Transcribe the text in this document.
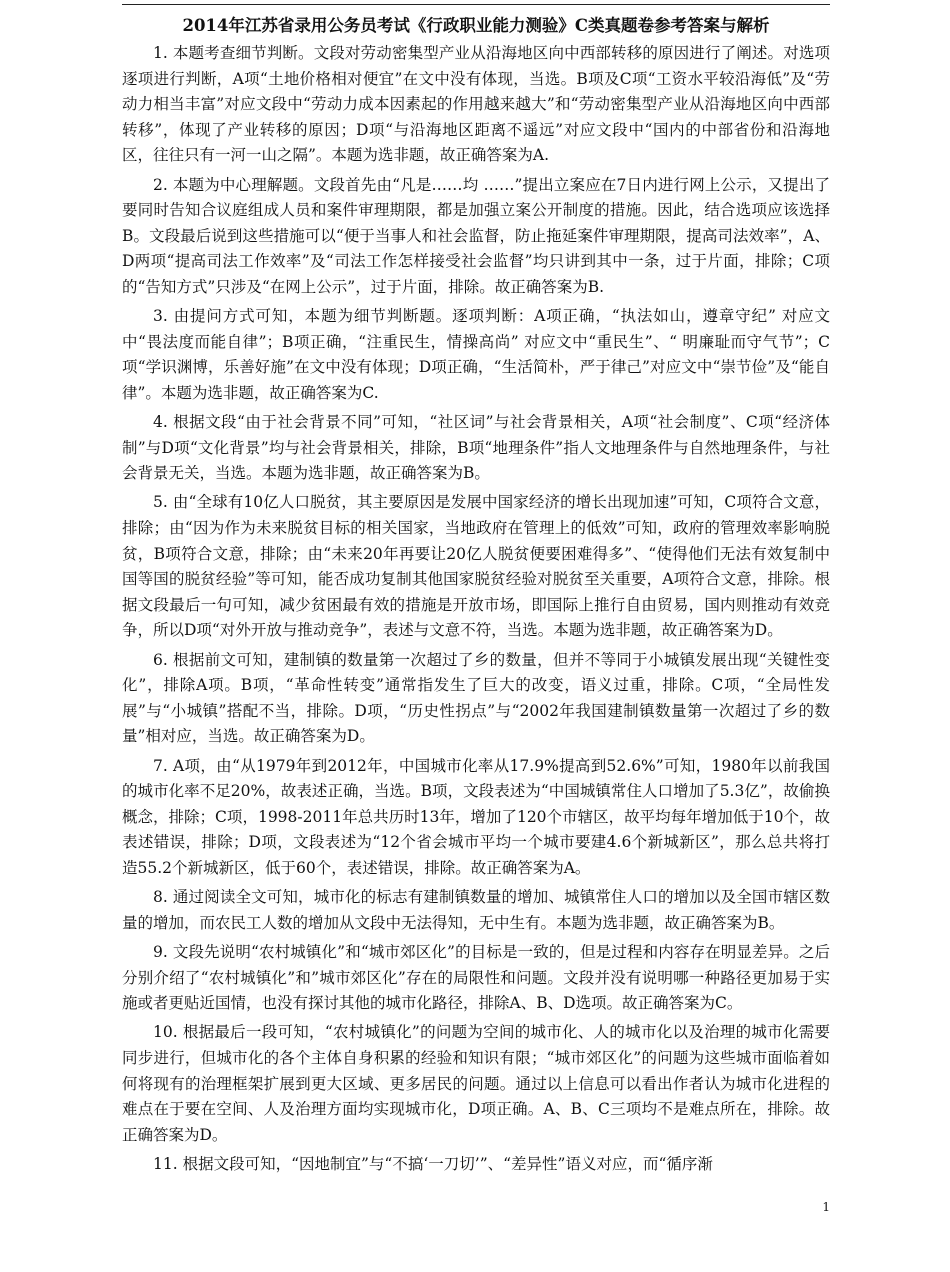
2014年江苏省录用公务员考试《行政职业能力测验》C类真题卷参考答案与解析

1. 本题考查细节判断。文段对劳动密集型产业从沿海地区向中西部转移的原因进行了阐述。对选项逐项进行判断，A项“土地价格相对便宜”在文中没有体现，当选。B项及C项“工资水平较沿海低”及“劳动力相当丰富”对应文段中“劳动力成本因素起的作用越来越大”和“劳动密集型产业从沿海地区向中西部转移”，体现了产业转移的原因；D项“与沿海地区距离不遥远”对应文段中“国内的中部省份和沿海地区，往往只有一河一山之隔”。本题为选非题，故正确答案为A.

2. 本题为中心理解题。文段首先由“凡是……均 ……”提出立案应在7日内进行网上公示，又提出了要同时告知合议庭组成人员和案件审理期限，都是加强立案公开制度的措施。因此，结合选项应该选择B。文段最后说到这些措施可以“便于当事人和社会监督，防止拖延案件审理期限，提高司法效率”，A、D两项“提高司法工作效率”及“司法工作怎样接受社会监督”均只讲到其中一条，过于片面，排除；C项的“告知方式”只涉及“在网上公示”，过于片面，排除。故正确答案为B.

3. 由提问方式可知，本题为细节判断题。逐项判断：A项正确，“执法如山，遵章守纪” 对应文中“畏法度而能自律”；B项正确，“注重民生，情操高尚” 对应文中“重民生”、“ 明廉耻而守气节”；C项“学识渊博，乐善好施”在文中没有体现；D项正确，“生活简朴，严于律己”对应文中“崇节俭”及“能自律”。本题为选非题，故正确答案为C.

4. 根据文段“由于社会背景不同”可知，“社区词”与社会背景相关，A项“社会制度”、C项“经济体制”与D项“文化背景”均与社会背景相关，排除，B项“地理条件”指人文地理条件与自然地理条件，与社会背景无关，当选。本题为选非题，故正确答案为B。

5. 由“全球有10亿人口脱贫，其主要原因是发展中国家经济的增长出现加速”可知，C项符合文意，排除；由“因为作为未来脱贫目标的相关国家，当地政府在管理上的低效”可知，政府的管理效率影响脱贫，B项符合文意，排除；由“未来20年再要让20亿人脱贫便要困难得多”、“使得他们无法有效复制中国等国的脱贫经验”等可知，能否成功复制其他国家脱贫经验对脱贫至关重要，A项符合文意，排除。根据文段最后一句可知，减少贫困最有效的措施是开放市场，即国际上推行自由贸易，国内则推动有效竞争，所以D项“对外开放与推动竞争”，表述与文意不符，当选。本题为选非题，故正确答案为D。

6. 根据前文可知，建制镇的数量第一次超过了乡的数量，但并不等同于小城镇发展出现“关键性变化”，排除A项。B项，“革命性转变”通常指发生了巨大的改变，语义过重，排除。C项，“全局性发展”与“小城镇”搭配不当，排除。D项，“历史性拐点”与“2002年我国建制镇数量第一次超过了乡的数量”相对应，当选。故正确答案为D。

7. A项，由“从1979年到2012年，中国城市化率从17.9%提高到52.6%”可知，1980年以前我国的城市化率不足20%，故表述正确，当选。B项，文段表述为“中国城镇常住人口增加了5.3亿”，故偷换概念，排除；C项，1998-2011年总共历时13年，增加了120个市辖区，故平均每年增加低于10个，故表述错误，排除；D项，文段表述为“12个省会城市平均一个城市要建4.6个新城新区”，那么总共将打造55.2个新城新区，低于60个，表述错误，排除。故正确答案为A。

8. 通过阅读全文可知，城市化的标志有建制镇数量的增加、城镇常住人口的增加以及全国市辖区数量的增加，而农民工人数的增加从文段中无法得知，无中生有。本题为选非题，故正确答案为B。

9. 文段先说明“农村城镇化”和“城市郊区化”的目标是一致的，但是过程和内容存在明显差异。之后分别介绍了“农村城镇化”和”城市郊区化”存在的局限性和问题。文段并没有说明哪一种路径更加易于实施或者更贴近国情，也没有探讨其他的城市化路径，排除A、B、D选项。故正确答案为C。

10. 根据最后一段可知，“农村城镇化”的问题为空间的城市化、人的城市化以及治理的城市化需要同步进行，但城市化的各个主体自身积累的经验和知识有限；“城市郊区化”的问题为这些城市面临着如何将现有的治理框架扩展到更大区域、更多居民的问题。通过以上信息可以看出作者认为城市化进程的难点在于要在空间、人及治理方面均实现城市化，D项正确。A、B、C三项均不是难点所在，排除。故正确答案为D。

11. 根据文段可知，“因地制宜”与“不搞‘一刀切’”、“差异性”语义对应，而“循序渐

1
